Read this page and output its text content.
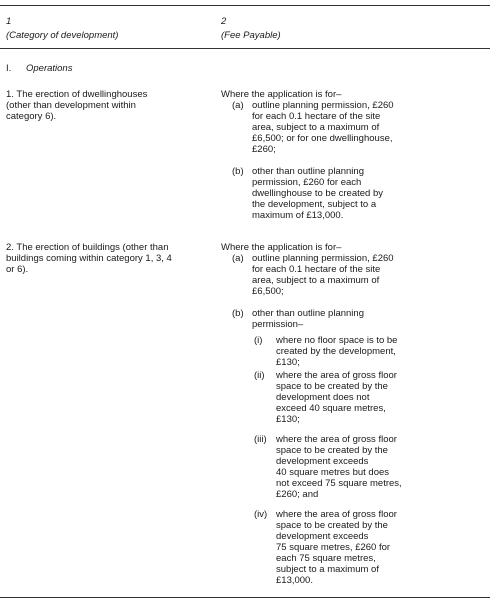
1
(Category of development)
2
(Fee Payable)
I. Operations
1. The erection of dwellinghouses
(other than development within
category 6).
Where the application is for–
(a) outline planning permission, £260
for each 0.1 hectare of the site
area, subject to a maximum of
£6,500; or for one dwellinghouse,
£260;
(b) other than outline planning
permission, £260 for each
dwellinghouse to be created by
the development, subject to a
maximum of £13,000.
2. The erection of buildings (other than
buildings coming within category 1, 3, 4
or 6).
Where the application is for–
(a) outline planning permission, £260
for each 0.1 hectare of the site
area, subject to a maximum of
£6,500;
(b) other than outline planning
permission–
(i) where no floor space is to be
created by the development,
£130;
(ii) where the area of gross floor
space to be created by the
development does not
exceed 40 square metres,
£130;
(iii) where the area of gross floor
space to be created by the
development exceeds
40 square metres but does
not exceed 75 square metres,
£260; and
(iv) where the area of gross floor
space to be created by the
development exceeds
75 square metres, £260 for
each 75 square metres,
subject to a maximum of
£13,000.
